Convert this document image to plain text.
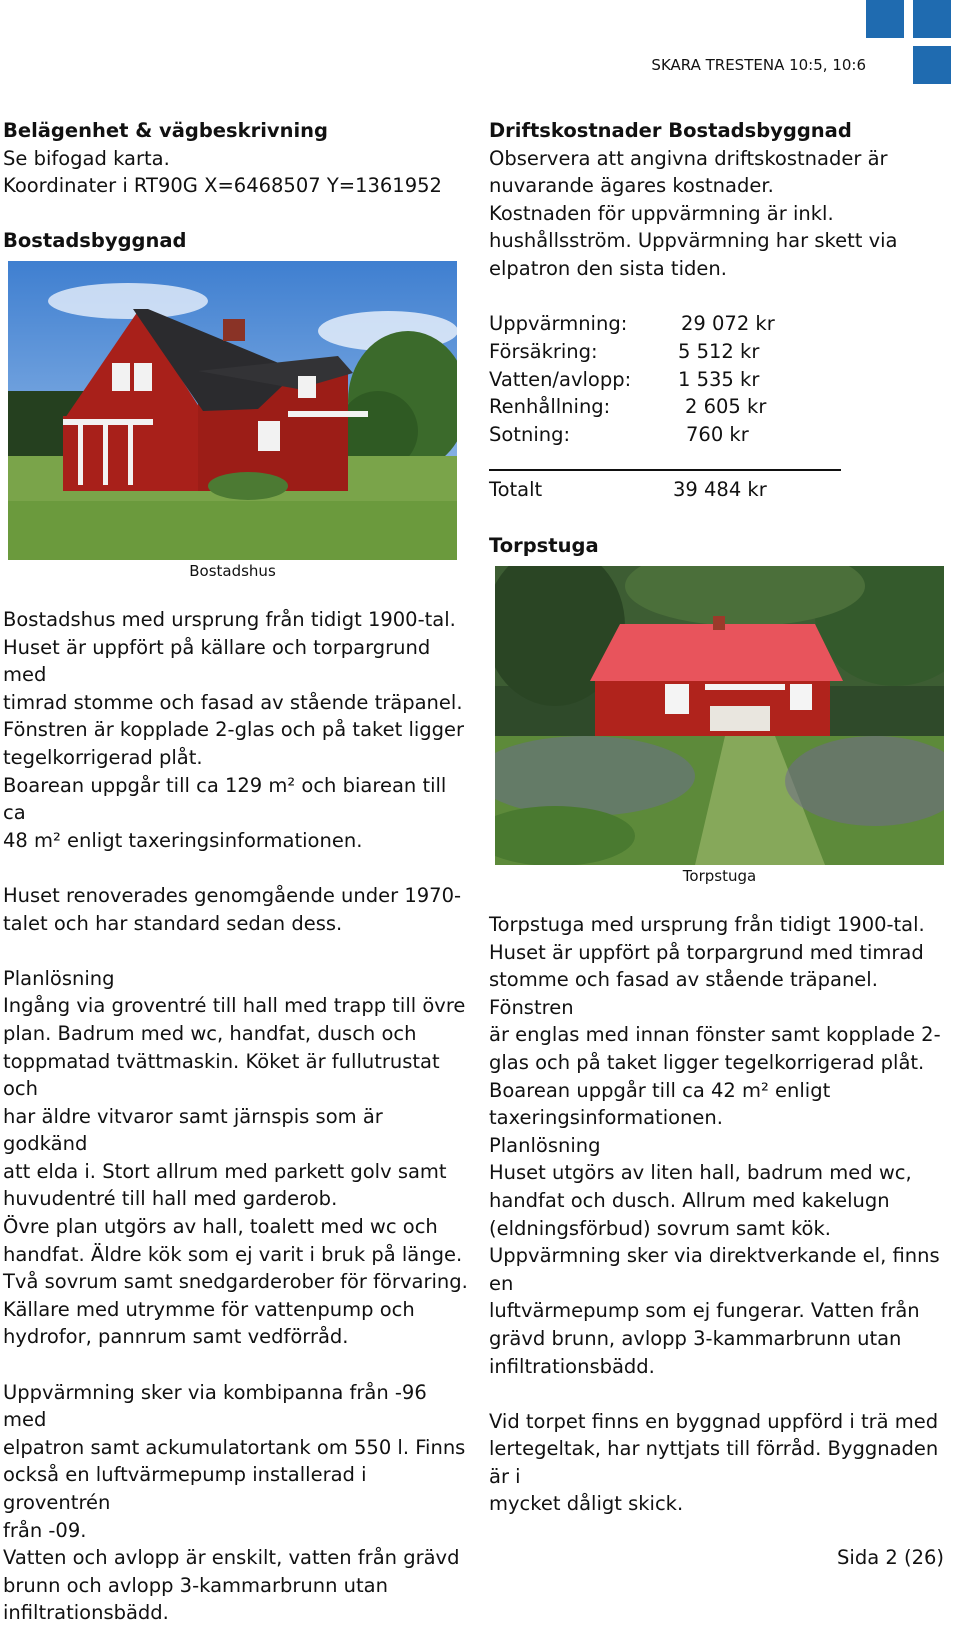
SKARA TRESTENA 10:5, 10:6

Belägenhet & vägbeskrivning

Se bifogad karta.

Koordinater i RT90G X=6468507 Y=1361952

Bostadsbyggnad

Bostadshus

Bostadshus med ursprung från tidigt 1900-tal.

Huset är uppfört på källare och torpargrund med

timrad stomme och fasad av stående träpanel.

Fönstren är kopplade 2-glas och på taket ligger

tegelkorrigerad plåt.

Boarean uppgår till ca 129 m² och biarean till ca

48 m² enligt taxeringsinformationen.

Huset renoverades genomgående under 1970-

talet och har standard sedan dess.

Planlösning

Ingång via groventré till hall med trapp till övre

plan. Badrum med wc, handfat, dusch och

toppmatad tvättmaskin. Köket är fullutrustat och

har äldre vitvaror samt järnspis som är godkänd

att elda i. Stort allrum med parkett golv samt

huvudentré till hall med garderob.

Övre plan utgörs av hall, toalett med wc och

handfat. Äldre kök som ej varit i bruk på länge.

Två sovrum samt snedgarderober för förvaring.

Källare med utrymme för vattenpump och

hydrofor, pannrum samt vedförråd.

Uppvärmning sker via kombipanna från -96 med

elpatron samt ackumulatortank om 550 l. Finns

också en luftvärmepump installerad i groventrén

från -09.

Vatten och avlopp är enskilt, vatten från grävd

brunn och avlopp 3-kammarbrunn utan

infiltrationsbädd.

Driftskostnader Bostadsbyggnad

Observera att angivna driftskostnader är

nuvarande ägares kostnader.

Kostnaden för uppvärmning är inkl.

hushållsström. Uppvärmning har skett via

elpatron den sista tiden.

Uppvärmning:	29 072 kr
Försäkring:	5 512 kr
Vatten/avlopp: 1 535 kr
Renhållning:	2 605 kr
Sotning:	760 kr
Totalt	39 484 kr
Torpstuga
Torpstuga

Torpstuga med ursprung från tidigt 1900-tal.

Huset är uppfört på torpargrund med timrad

stomme och fasad av stående träpanel. Fönstren

är englas med innan fönster samt kopplade 2-

glas och på taket ligger tegelkorrigerad plåt.

Boarean uppgår till ca 42 m² enligt

taxeringsinformationen.

Planlösning

Huset utgörs av liten hall, badrum med wc,

handfat och dusch. Allrum med kakelugn

(eldningsförbud) sovrum samt kök.

Uppvärmning sker via direktverkande el, finns en

luftvärmepump som ej fungerar. Vatten från

grävd brunn, avlopp 3-kammarbrunn utan

infiltrationsbädd.

Vid torpet finns en byggnad uppförd i trä med

lertegeltak, har nyttjats till förråd. Byggnaden är i

mycket dåligt skick.

Sida 2 (26)
